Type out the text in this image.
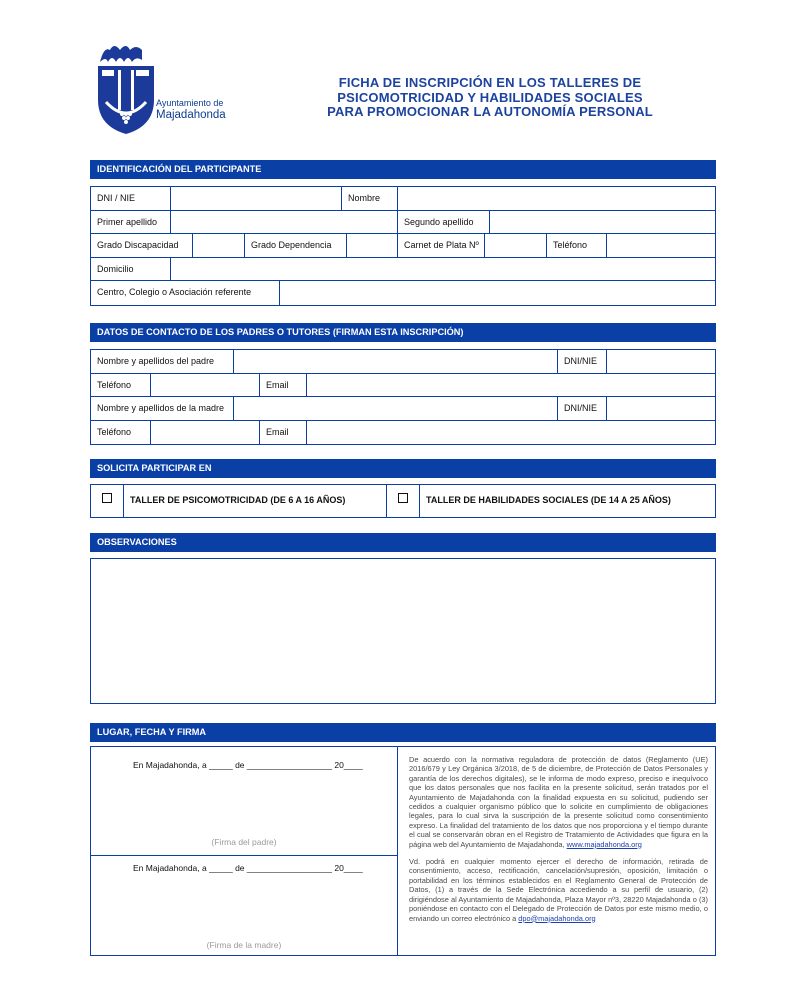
Ayuntamiento de
Majadahonda
FICHA DE INSCRIPCIÓN EN LOS TALLERES DE
PSICOMOTRICIDAD Y HABILIDADES SOCIALES
PARA PROMOCIONAR LA AUTONOMÍA PERSONAL
IDENTIFICACIÓN DEL PARTICIPANTE
DNI / NIE	Nombre
Primer apellido	Segundo apellido
Grado Discapacidad	Grado Dependencia	Carnet de Plata Nº	Teléfono
Domicilio
Centro, Colegio o Asociación referente
DATOS DE CONTACTO DE LOS PADRES O TUTORES (FIRMAN ESTA INSCRIPCIÓN)
Nombre y apellidos del padre	DNI/NIE
Teléfono	Email
Nombre y apellidos de la madre	DNI/NIE
Teléfono	Email
SOLICITA PARTICIPAR EN
TALLER DE PSICOMOTRICIDAD (DE 6 A 16 AÑOS)	TALLER DE HABILIDADES SOCIALES (DE 14 A 25 AÑOS)
OBSERVACIONES
LUGAR, FECHA Y FIRMA
En Majadahonda, a _____ de __________________ 20____
(Firma del padre)
En Majadahonda, a _____ de __________________ 20____
(Firma de la madre)

De acuerdo con la normativa reguladora de protección de datos (Reglamento (UE) 2016/679 y Ley Orgánica 3/2018, de 5 de diciembre, de Protección de Datos Personales y garantía de los derechos digitales), se le informa de modo expreso, preciso e inequívoco que los datos personales que nos facilita en la presente solicitud, serán tratados por el Ayuntamiento de Majadahonda con la finalidad expuesta en su solicitud, pudiendo ser cedidos a cualquier organismo público que lo solicite en cumplimiento de obligaciones legales, para lo cual sirva la suscripción de la presente solicitud como consentimiento expreso. La finalidad del tratamiento de los datos que nos proporciona y el tiempo durante el cual se conservarán obran en el Registro de Tratamiento de Actividades que figura en la página web del Ayuntamiento de Majadahonda, www.majadahonda.org

Vd. podrá en cualquier momento ejercer el derecho de información, retirada de consentimiento, acceso, rectificación, cancelación/supresión, oposición, limitación o portabilidad en los términos establecidos en el Reglamento General de Protección de Datos, (1) a través de la Sede Electrónica accediendo a su perfil de usuario, (2) dirigiéndose al Ayuntamiento de Majadahonda, Plaza Mayor nº3, 28220 Majadahonda o (3) poniéndose en contacto con el Delegado de Protección de Datos por este mismo medio, o enviando un correo electrónico a dpo@majadahonda.org
